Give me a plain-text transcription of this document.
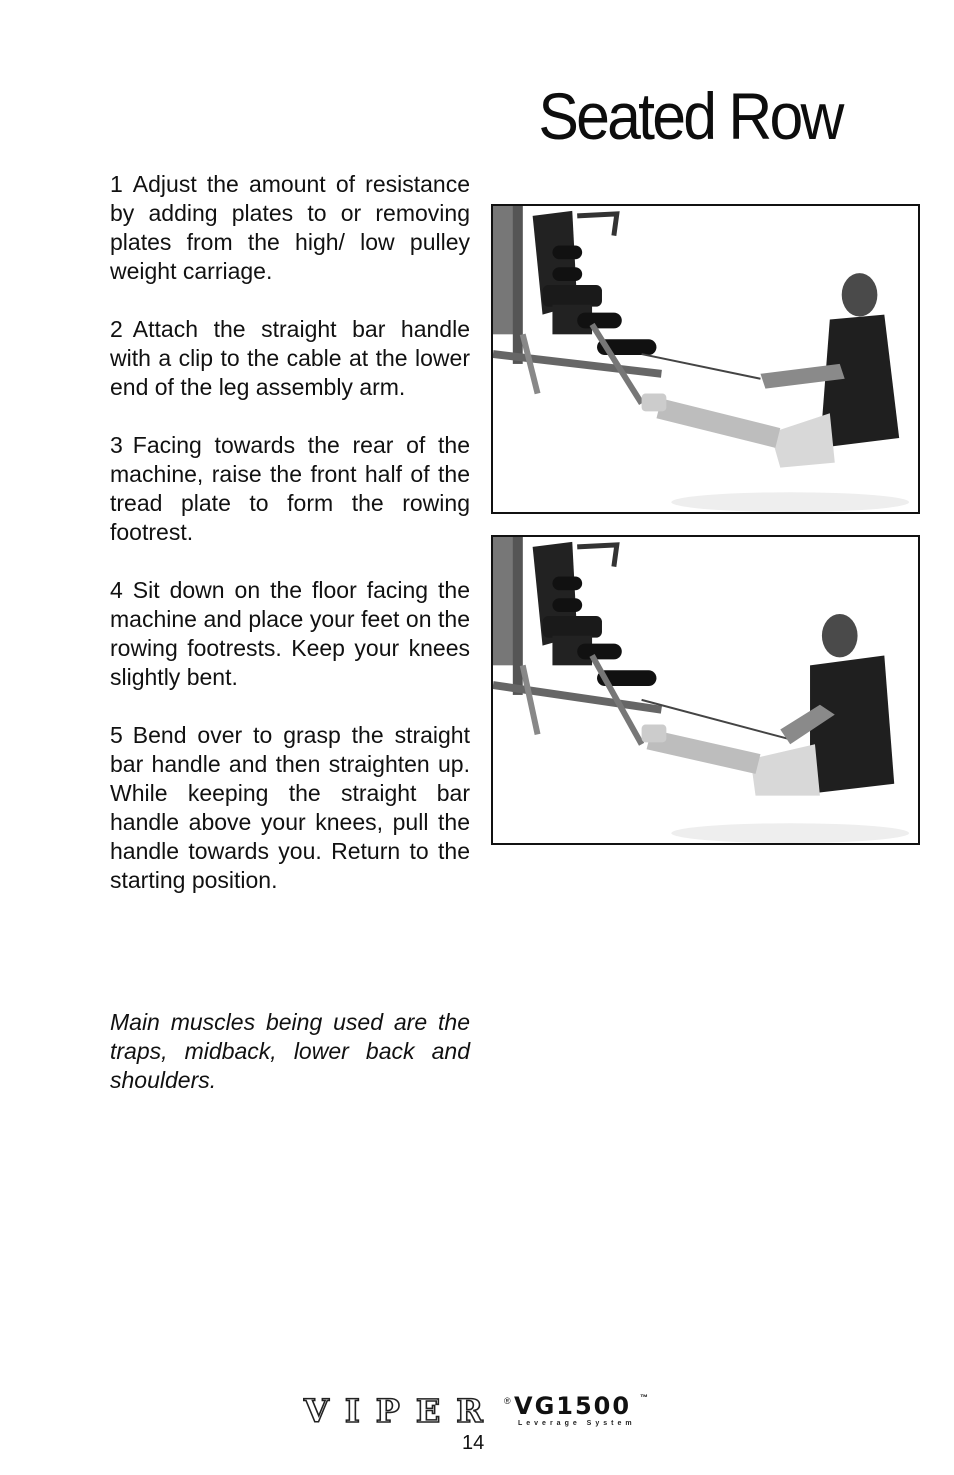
Seated Row

1 Adjust the amount of resistance by adding plates to or removing plates from the high/ low pulley weight carriage.

2 Attach the straight bar handle with a clip to the cable at the lower end of the leg assembly arm.

3 Facing towards the rear of the machine, raise the front half of the tread plate to form the rowing footrest.

4 Sit down on the floor facing the machine and place your feet on the rowing footrests. Keep your knees slightly bent.

5 Bend over to grasp the straight bar handle and then straighten up. While keeping the straight bar handle above your knees, pull the handle towards you. Return to the starting position.

Main muscles being used are the traps, midback, lower back and shoulders.
VIPER ® VG1500 ™
Leverage System
14
